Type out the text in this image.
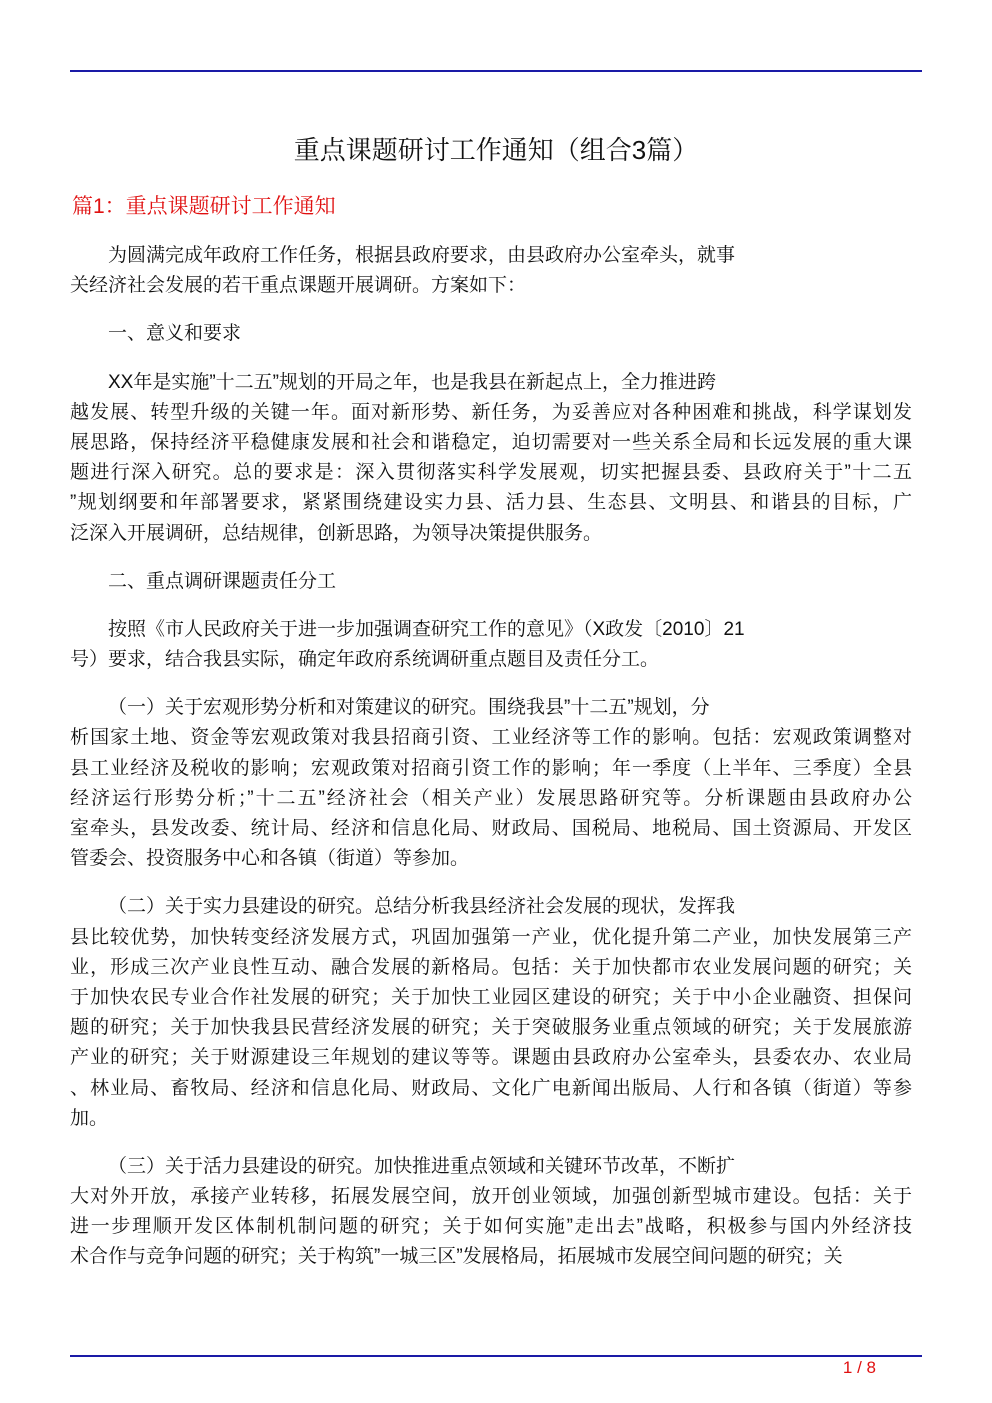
重点课题研讨工作通知（组合3篇）
篇1：重点课题研讨工作通知
为圆满完成年政府工作任务，根据县政府要求，由县政府办公室牵头，就事
关经济社会发展的若干重点课题开展调研。方案如下：
一、意义和要求
XX年是实施”十二五”规划的开局之年，也是我县在新起点上，全力推进跨
越发展、转型升级的关键一年。面对新形势、新任务，为妥善应对各种困难和挑战，科学谋划发
展思路，保持经济平稳健康发展和社会和谐稳定，迫切需要对一些关系全局和长远发展的重大课
题进行深入研究。总的要求是：深入贯彻落实科学发展观，切实把握县委、县政府关于”十二五
”规划纲要和年部署要求，紧紧围绕建设实力县、活力县、生态县、文明县、和谐县的目标，广
泛深入开展调研，总结规律，创新思路，为领导决策提供服务。
二、重点调研课题责任分工
按照《市人民政府关于进一步加强调查研究工作的意见》（X政发〔2010〕21
号）要求，结合我县实际，确定年政府系统调研重点题目及责任分工。
（一）关于宏观形势分析和对策建议的研究。围绕我县”十二五”规划，分
析国家土地、资金等宏观政策对我县招商引资、工业经济等工作的影响。包括：宏观政策调整对
县工业经济及税收的影响；宏观政策对招商引资工作的影响；年一季度（上半年、三季度）全县
经济运行形势分析；”十二五”经济社会（相关产业）发展思路研究等。分析课题由县政府办公
室牵头，县发改委、统计局、经济和信息化局、财政局、国税局、地税局、国土资源局、开发区
管委会、投资服务中心和各镇（街道）等参加。
（二）关于实力县建设的研究。总结分析我县经济社会发展的现状，发挥我
县比较优势，加快转变经济发展方式，巩固加强第一产业，优化提升第二产业，加快发展第三产
业，形成三次产业良性互动、融合发展的新格局。包括：关于加快都市农业发展问题的研究；关
于加快农民专业合作社发展的研究；关于加快工业园区建设的研究；关于中小企业融资、担保问
题的研究；关于加快我县民营经济发展的研究；关于突破服务业重点领域的研究；关于发展旅游
产业的研究；关于财源建设三年规划的建议等等。课题由县政府办公室牵头，县委农办、农业局
、林业局、畜牧局、经济和信息化局、财政局、文化广电新闻出版局、人行和各镇（街道）等参
加。
（三）关于活力县建设的研究。加快推进重点领域和关键环节改革，不断扩
大对外开放，承接产业转移，拓展发展空间，放开创业领域，加强创新型城市建设。包括：关于
进一步理顺开发区体制机制问题的研究；关于如何实施”走出去”战略，积极参与国内外经济技
术合作与竞争问题的研究；关于构筑”一城三区”发展格局，拓展城市发展空间问题的研究；关
1 / 8
